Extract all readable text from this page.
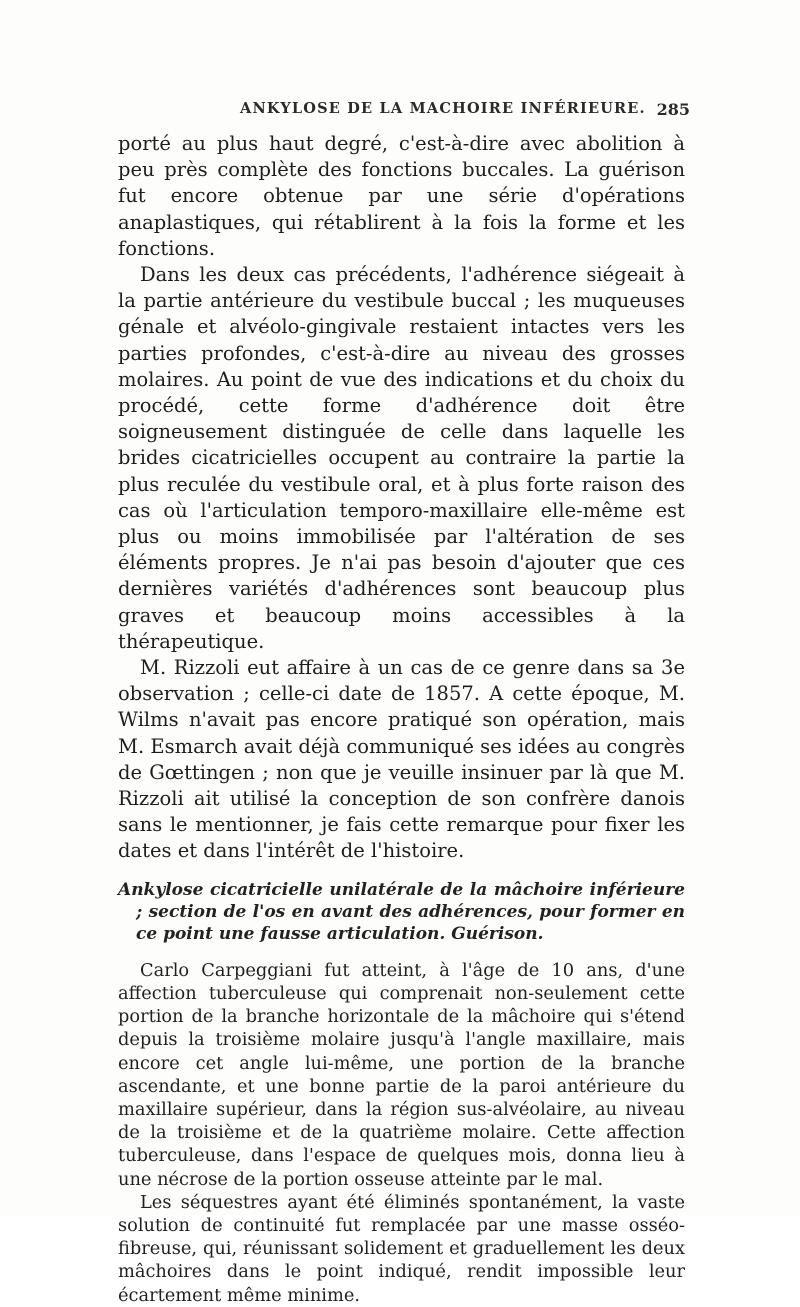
ANKYLOSE DE LA MACHOIRE INFÉRIEURE. 285

porté au plus haut degré, c'est-à-dire avec abolition à peu près complète des fonctions buccales. La guérison fut encore obtenue par une série d'opérations anaplastiques, qui rétablirent à la fois la forme et les fonctions.

Dans les deux cas précédents, l'adhérence siégeait à la partie antérieure du vestibule buccal ; les muqueuses génale et alvéolo-gingivale restaient intactes vers les parties profondes, c'est-à-dire au niveau des grosses molaires. Au point de vue des indications et du choix du procédé, cette forme d'adhérence doit être soigneusement distinguée de celle dans laquelle les brides cicatricielles occupent au contraire la partie la plus reculée du vestibule oral, et à plus forte raison des cas où l'articulation temporo-maxillaire elle-même est plus ou moins immobilisée par l'altération de ses éléments propres. Je n'ai pas besoin d'ajouter que ces dernières variétés d'adhérences sont beaucoup plus graves et beaucoup moins accessibles à la thérapeutique.

M. Rizzoli eut affaire à un cas de ce genre dans sa 3e observation ; celle-ci date de 1857. A cette époque, M. Wilms n'avait pas encore pratiqué son opération, mais M. Esmarch avait déjà communiqué ses idées au congrès de Gœttingen ; non que je veuille insinuer par là que M. Rizzoli ait utilisé la conception de son confrère danois sans le mentionner, je fais cette remarque pour fixer les dates et dans l'intérêt de l'histoire.

Ankylose cicatricielle unilatérale de la mâchoire inférieure ; section de l'os en avant des adhérences, pour former en ce point une fausse articulation. Guérison.

Carlo Carpeggiani fut atteint, à l'âge de 10 ans, d'une affection tuberculeuse qui comprenait non-seulement cette portion de la branche horizontale de la mâchoire qui s'étend depuis la troisième molaire jusqu'à l'angle maxillaire, mais encore cet angle lui-même, une portion de la branche ascendante, et une bonne partie de la paroi antérieure du maxillaire supérieur, dans la région sus-alvéolaire, au niveau de la troisième et de la quatrième molaire. Cette affection tuberculeuse, dans l'espace de quelques mois, donna lieu à une nécrose de la portion osseuse atteinte par le mal.

Les séquestres ayant été éliminés spontanément, la vaste solution de continuité fut remplacée par une masse osséo-fibreuse, qui, réunissant solidement et graduellement les deux mâchoires dans le point indiqué, rendit impossible leur écartement même minime.
